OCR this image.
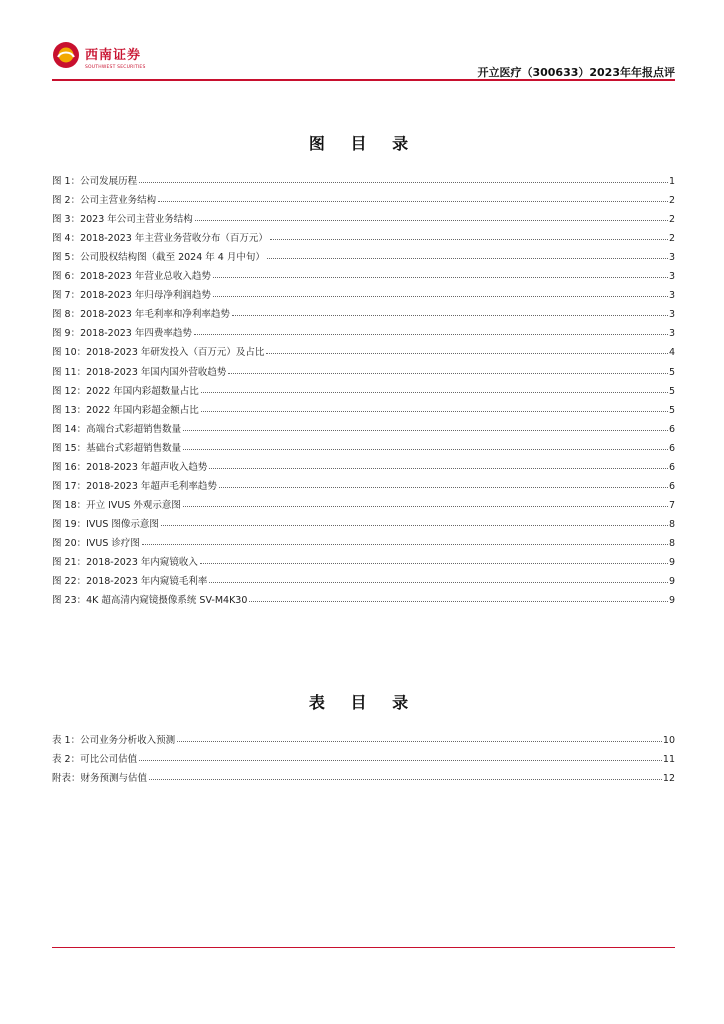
西南证券
SOUTHWEST SECURITIES	开立医疗（300633）2023年年报点评
图 目 录
图 1：公司发展历程	1
图 2：公司主营业务结构	2
图 3：2023 年公司主营业务结构	2
图 4：2018-2023 年主营业务营收分布（百万元）	2
图 5：公司股权结构图（截至 2024 年 4 月中旬）	3
图 6：2018-2023 年营业总收入趋势	3
图 7：2018-2023 年归母净利润趋势	3
图 8：2018-2023 年毛利率和净利率趋势	3
图 9：2018-2023 年四费率趋势	3
图 10：2018-2023 年研发投入（百万元）及占比	4
图 11：2018-2023 年国内国外营收趋势	5
图 12：2022 年国内彩超数量占比	5
图 13：2022 年国内彩超金额占比	5
图 14：高端台式彩超销售数量	6
图 15：基础台式彩超销售数量	6
图 16：2018-2023 年超声收入趋势	6
图 17：2018-2023 年超声毛利率趋势	6
图 18：开立 IVUS 外观示意图	7
图 19：IVUS 图像示意图	8
图 20：IVUS 诊疗图	8
图 21：2018-2023 年内窥镜收入	9
图 22：2018-2023 年内窥镜毛利率	9
图 23：4K 超高清内窥镜摄像系统 SV-M4K30	9
表 目 录
表 1：公司业务分析收入预测	10
表 2：可比公司估值	11
附表：财务预测与估值	12
